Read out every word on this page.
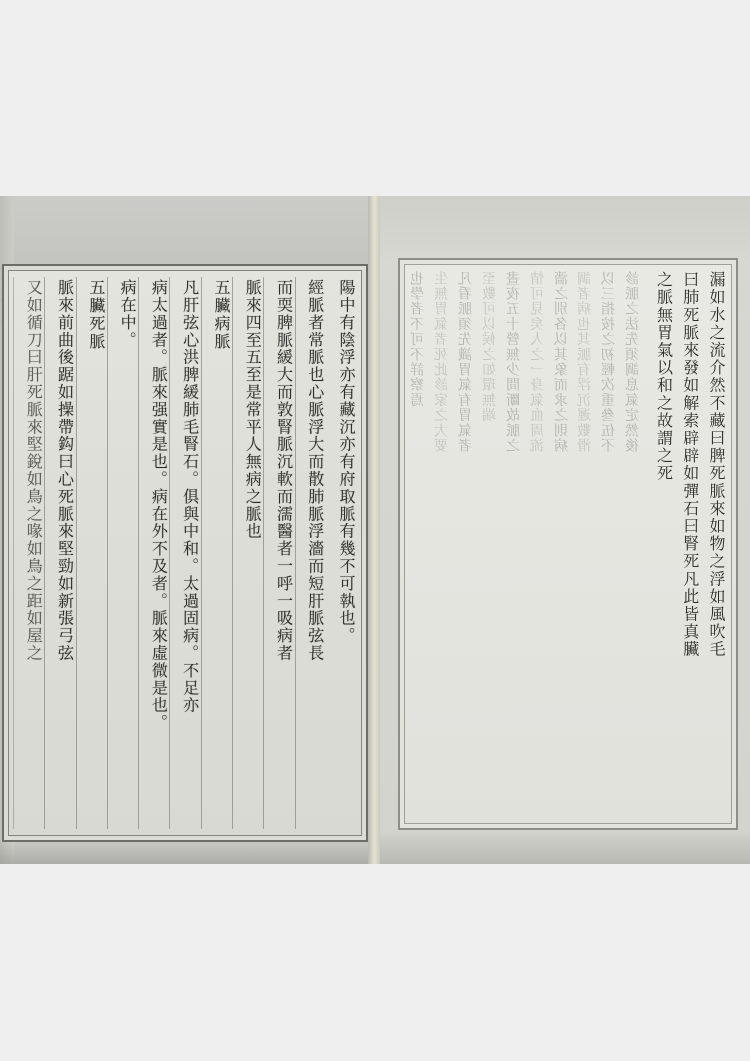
陽中有陰浮亦有藏沉亦有府取脈有幾不可執也。
經脈者常脈也心脈浮大而散肺脈浮濇而短肝脈弦長
而耎脾脈緩大而敦腎脈沉軟而濡醫者一呼一吸病者
脈來四至五至是常平人無病之脈也
五臟病脈
凡肝弦心洪脾緩肺毛腎石。俱與中和。太過固病。不足亦
病太過者。脈來强實是也。病在外不及者。脈來虛微是也。
病在中。
五臟死脈
脈來前曲後踞如操帶鈎曰心死脈來堅勁如新張弓弦
又如循刀曰肝死脈來堅銳如鳥之喙如鳥之距如屋之	漏如水之流介然不藏曰脾死脈來如物之浮如風吹毛
曰肺死脈來發如解索辟辟如彈石曰腎死凡此皆真臟
之脈無胃氣以和之故謂之死
診脈之法先須調息氣定然後
以三指按之初輕次重叄伍不
調者病也其脈有浮沉遲數滑
濇之別各以其象而求之則病
情可見矣人之一身氣血周流
晝夜五十營無少間斷故脈之
至數可以候之如環無端
凡看脈須先識胃氣有胃氣者
生無胃氣者死此診家之大要
也學者不可不詳察焉
